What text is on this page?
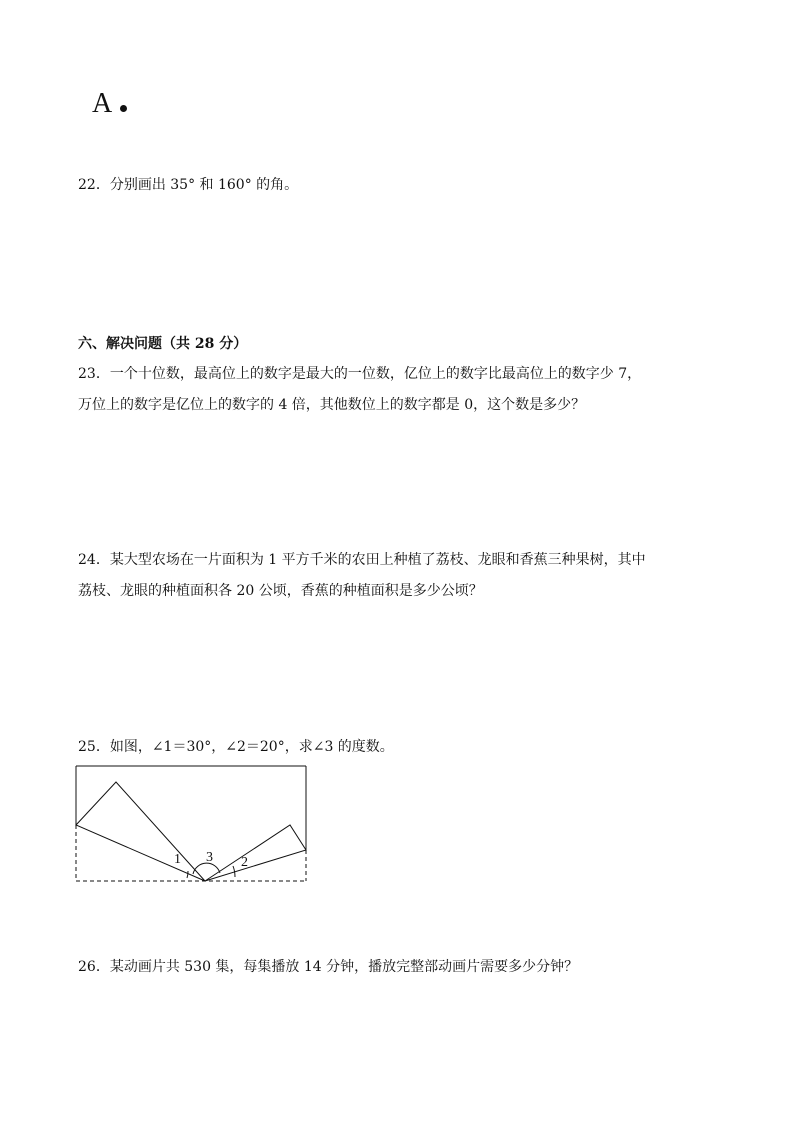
A
22．分别画出 35° 和 160° 的角。
六、解决问题（共 28 分）
23．一个十位数，最高位上的数字是最大的一位数，亿位上的数字比最高位上的数字少 7，
万位上的数字是亿位上的数字的 4 倍，其他数位上的数字都是 0，这个数是多少？
24．某大型农场在一片面积为 1 平方千米的农田上种植了荔枝、龙眼和香蕉三种果树，其中
荔枝、龙眼的种植面积各 20 公顷，香蕉的种植面积是多少公顷？
25．如图，∠1＝30°，∠2＝20°，求∠3 的度数。
1 3 2
26．某动画片共 530 集，每集播放 14 分钟，播放完整部动画片需要多少分钟？
